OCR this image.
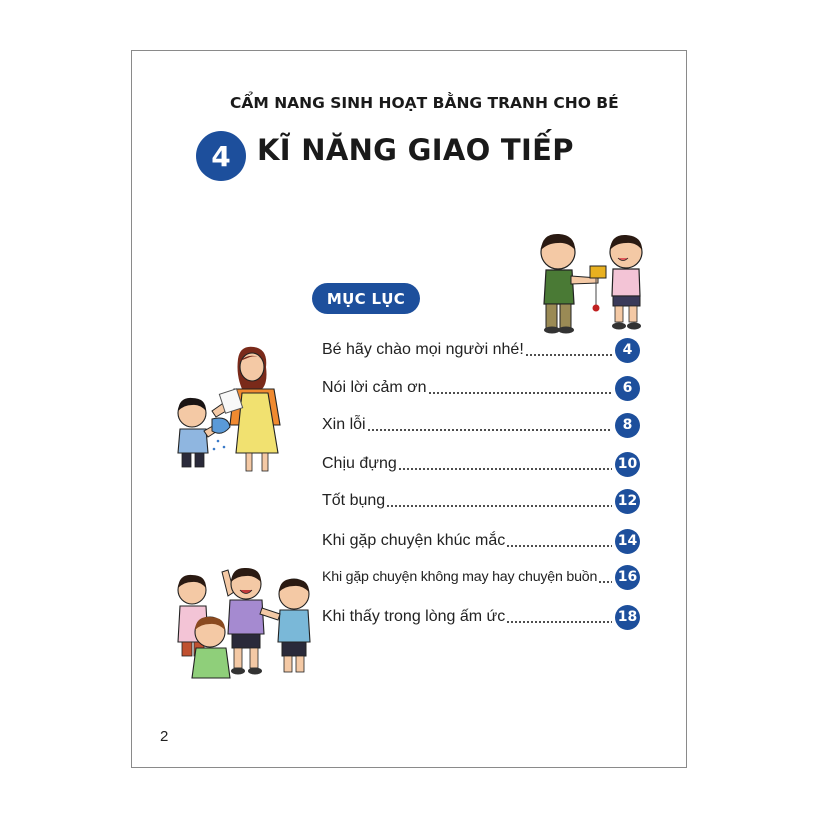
CẨM NANG SINH HOẠT BẰNG TRANH CHO BÉ
4 KĨ NĂNG GIAO TIẾP
MỤC LỤC
Bé hãy chào mọi người nhé!	4
Nói lời cảm ơn	6
Xin lỗi	8
Chịu đựng	10
Tốt bụng	12
Khi gặp chuyện khúc mắc	14
Khi gặp chuyện không may hay chuyện buồn 16
Khi thấy trong lòng ấm ức	18
2
